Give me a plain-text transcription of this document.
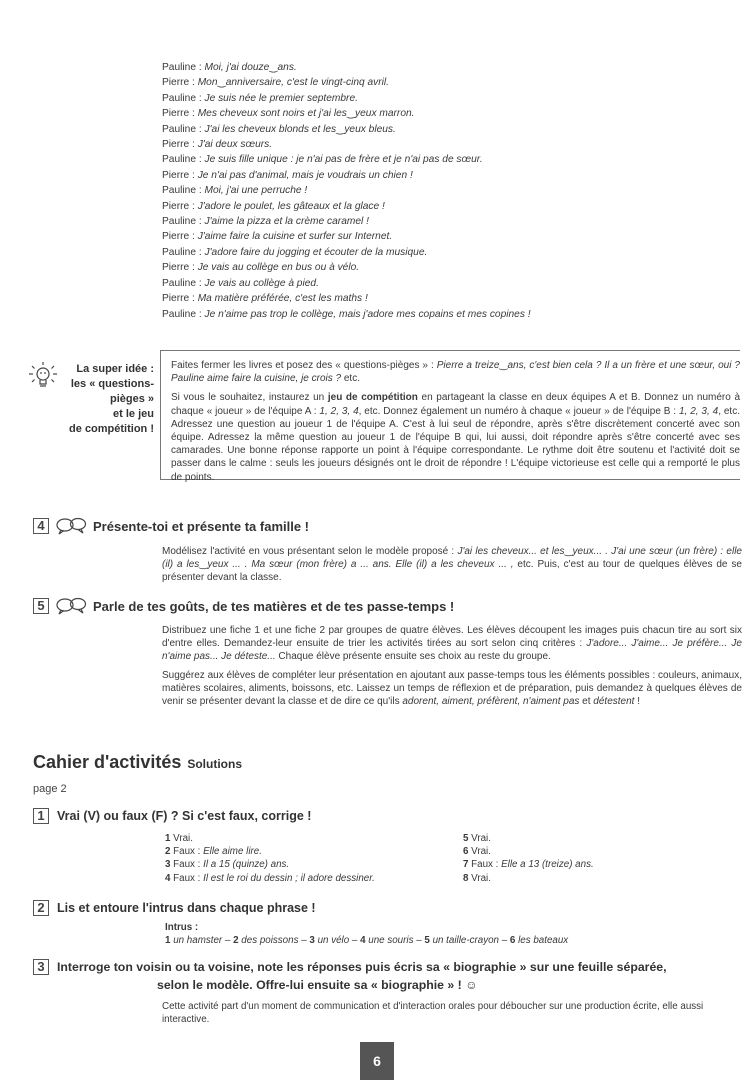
Pauline : Moi, j'ai douze‿ans.
Pierre : Mon‿anniversaire, c'est le vingt-cinq avril.
Pauline : Je suis née le premier septembre.
Pierre : Mes cheveux sont noirs et j'ai les‿yeux marron.
Pauline : J'ai les cheveux blonds et les‿yeux bleus.
Pierre : J'ai deux sœurs.
Pauline : Je suis fille unique : je n'ai pas de frère et je n'ai pas de sœur.
Pierre : Je n'ai pas d'animal, mais je voudrais un chien !
Pauline : Moi, j'ai une perruche !
Pierre : J'adore le poulet, les gâteaux et la glace !
Pauline : J'aime la pizza et la crème caramel !
Pierre : J'aime faire la cuisine et surfer sur Internet.
Pauline : J'adore faire du jogging et écouter de la musique.
Pierre : Je vais au collège en bus ou à vélo.
Pauline : Je vais au collège à pied.
Pierre : Ma matière préférée, c'est les maths !
Pauline : Je n'aime pas trop le collège, mais j'adore mes copains et mes copines !
La super idée :
les « questions-
pièges »
et le jeu
de compétition !

Faites fermer les livres et posez des « questions-pièges » : Pierre a treize‿ans, c'est bien cela ? Il a un frère et une sœur, oui ? Pauline aime faire la cuisine, je crois ? etc.

Si vous le souhaitez, instaurez un jeu de compétition en partageant la classe en deux équipes A et B. Donnez un numéro à chaque « joueur » de l'équipe A : 1, 2, 3, 4, etc. Donnez également un numéro à chaque « joueur » de l'équipe B : 1, 2, 3, 4, etc. Adressez une question au joueur 1 de l'équipe A. C'est à lui seul de répondre, après s'être discrètement concerté avec son équipe. Adressez la même question au joueur 1 de l'équipe B qui, lui aussi, doit répondre après s'être concerté avec ses camarades. Une bonne réponse rapporte un point à l'équipe correspondante. Le rythme doit être soutenu et l'activité doit se passer dans le calme : seuls les joueurs désignés ont le droit de répondre ! L'équipe victorieuse est celle qui a remporté le plus de points.

4	Présente-toi et présente ta famille !

Modélisez l'activité en vous présentant selon le modèle proposé : J'ai les cheveux... et les‿yeux... . J'ai une sœur (un frère) : elle (il) a les‿yeux ... . Ma sœur (mon frère) a ... ans. Elle (il) a les cheveux ... , etc. Puis, c'est au tour de quelques élèves de se présenter devant la classe.

5	Parle de tes goûts, de tes matières et de tes passe-temps !

Distribuez une fiche 1 et une fiche 2 par groupes de quatre élèves. Les élèves découpent les images puis chacun tire au sort six d'entre elles. Demandez-leur ensuite de trier les activités tirées au sort selon cinq critères : J'adore... J'aime... Je préfère... Je n'aime pas... Je déteste... Chaque élève présente ensuite ses choix au reste du groupe.

Suggérez aux élèves de compléter leur présentation en ajoutant aux passe-temps tous les éléments possibles : couleurs, animaux, matières scolaires, aliments, boissons, etc. Laissez un temps de réflexion et de préparation, puis demandez à quelques élèves de venir se présenter devant la classe et de dire ce qu'ils adorent, aiment, préfèrent, n'aiment pas et détestent !

Cahier d'activités Solutions
page 2
1 Vrai (V) ou faux (F) ? Si c'est faux, corrige !
1 Vrai.
2 Faux : Elle aime lire.
3 Faux : Il a 15 (quinze) ans.
4 Faux : Il est le roi du dessin ; il adore dessiner.
5 Vrai.
6 Vrai.
7 Faux : Elle a 13 (treize) ans.
8 Vrai.
2 Lis et entoure l'intrus dans chaque phrase !
Intrus :
1 un hamster – 2 des poissons – 3 un vélo – 4 une souris – 5 un taille-crayon – 6 les bateaux
3	Interroge ton voisin ou ta voisine, note les réponses puis écris sa « biographie » sur une feuille séparée,
selon le modèle. Offre-lui ensuite sa « biographie » ! ☺
Cette activité part d'un moment de communication et d'interaction orales pour déboucher sur une production écrite, elle aussi interactive.
6
